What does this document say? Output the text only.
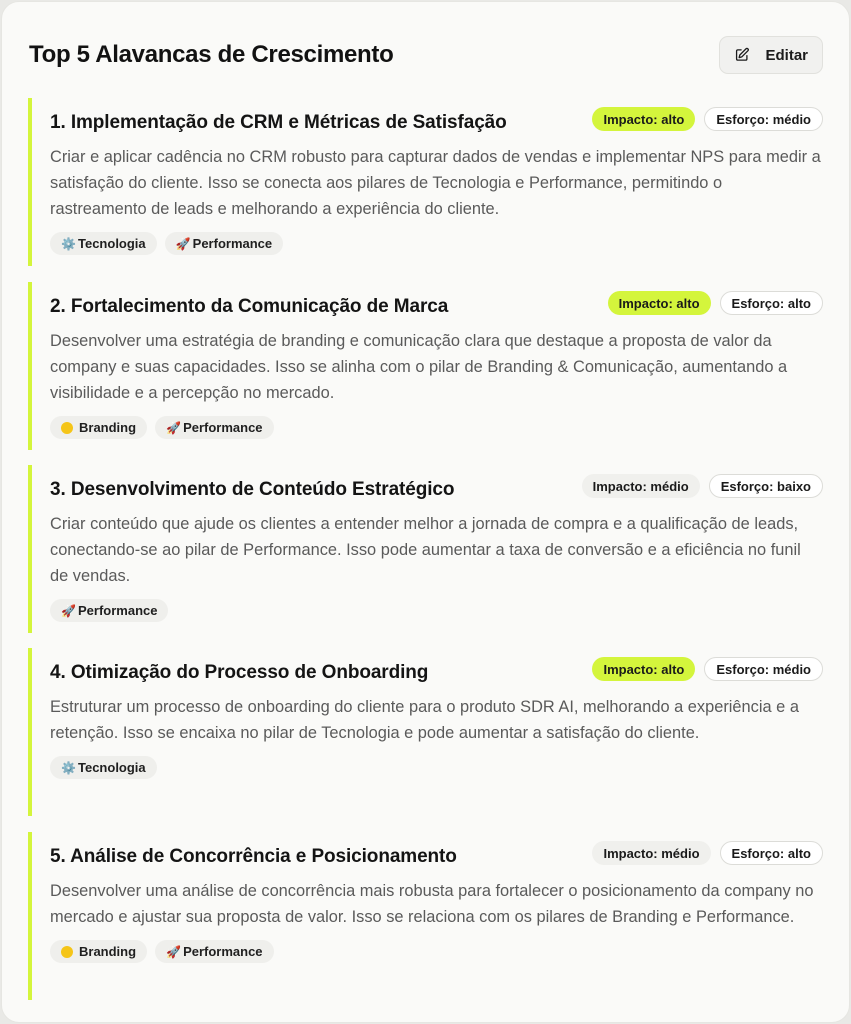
Top 5 Alavancas de Crescimento	Editar
1. Implementação de CRM e Métricas de Satisfação	Impacto: alto	Esforço: médio

Criar e aplicar cadência no CRM robusto para capturar dados de vendas e implementar NPS para medir a satisfação do cliente. Isso se conecta aos pilares de Tecnologia e Performance, permitindo o rastreamento de leads e melhorando a experiência do cliente.

⚙️ Tecnologia	🚀 Performance
2. Fortalecimento da Comunicação de Marca	Impacto: alto	Esforço: alto

Desenvolver uma estratégia de branding e comunicação clara que destaque a proposta de valor da company e suas capacidades. Isso se alinha com o pilar de Branding & Comunicação, aumentando a visibilidade e a percepção no mercado.

Branding	🚀 Performance
3. Desenvolvimento de Conteúdo Estratégico	Impacto: médio	Esforço: baixo

Criar conteúdo que ajude os clientes a entender melhor a jornada de compra e a qualificação de leads, conectando-se ao pilar de Performance. Isso pode aumentar a taxa de conversão e a eficiência no funil de vendas.

🚀 Performance
4. Otimização do Processo de Onboarding	Impacto: alto	Esforço: médio

Estruturar um processo de onboarding do cliente para o produto SDR AI, melhorando a experiência e a retenção. Isso se encaixa no pilar de Tecnologia e pode aumentar a satisfação do cliente.

⚙️ Tecnologia
5. Análise de Concorrência e Posicionamento	Impacto: médio	Esforço: alto

Desenvolver uma análise de concorrência mais robusta para fortalecer o posicionamento da company no mercado e ajustar sua proposta de valor. Isso se relaciona com os pilares de Branding e Performance.

Branding	🚀 Performance
